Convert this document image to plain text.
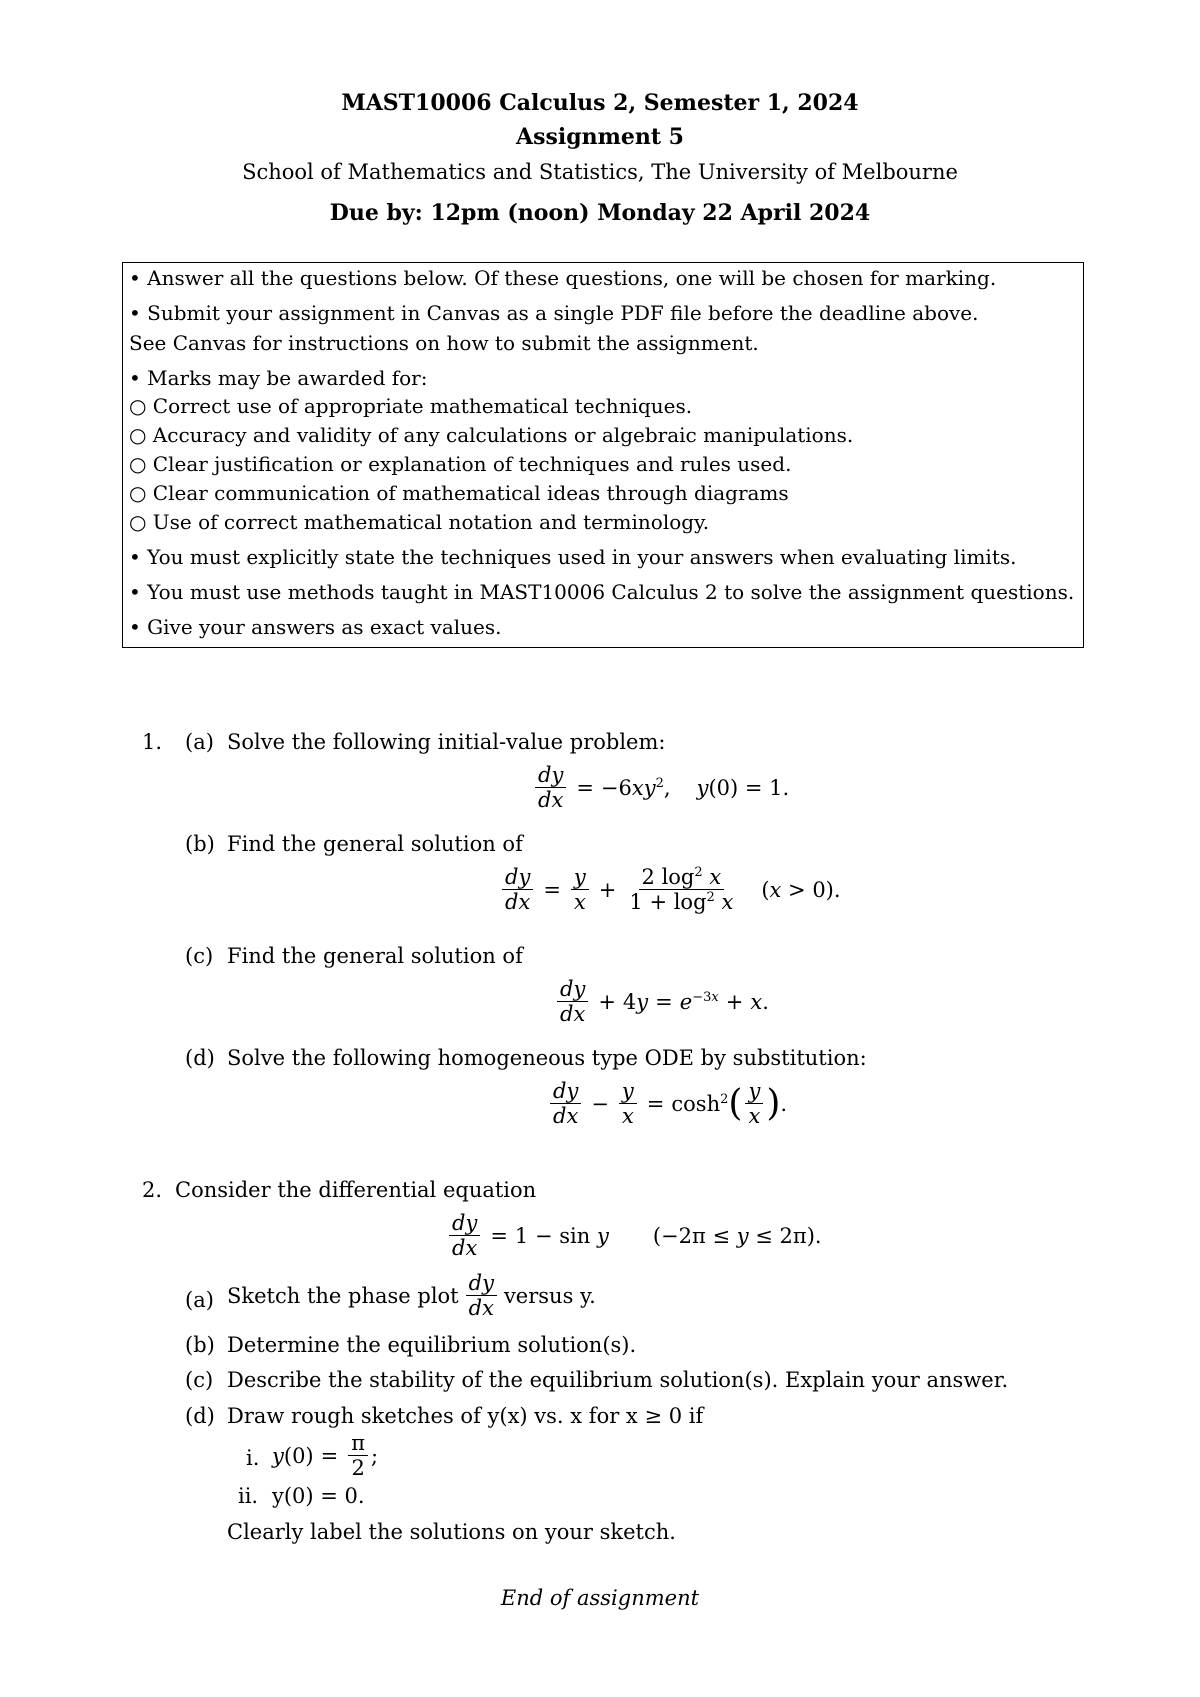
MAST10006 Calculus 2, Semester 1, 2024
Assignment 5
School of Mathematics and Statistics, The University of Melbourne
Due by: 12pm (noon) Monday 22 April 2024
• Answer all the questions below. Of these questions, one will be chosen for marking.
• Submit your assignment in Canvas as a single PDF file before the deadline above.
See Canvas for instructions on how to submit the assignment.
• Marks may be awarded for:
○ Correct use of appropriate mathematical techniques.
○ Accuracy and validity of any calculations or algebraic manipulations.
○ Clear justification or explanation of techniques and rules used.
○ Clear communication of mathematical ideas through diagrams
○ Use of correct mathematical notation and terminology.
• You must explicitly state the techniques used in your answers when evaluating limits.
• You must use methods taught in MAST10006 Calculus 2 to solve the assignment questions.
• Give your answers as exact values.
1. (a) Solve the following initial-value problem:
$\frac{dy}{dx} = -6xy^2$, y(0) = 1.
(b) Find the general solution of
$\frac{dy}{dx} = \frac{y}{x} + \frac{2 \log^2 x}{1 + \log^2 x} (x > 0)$.
(c) Find the general solution of
$\frac{dy}{dx} + 4y = e^{-3x} + x$.
(d) Solve the following homogeneous type ODE by substitution:
$\frac{dy}{dx} - \frac{y}{x} = \cosh^2$ ( $\frac{y}{x}$ ) .
2. Consider the differential equation
$\frac{dy}{dx} = 1 - \sin y$ (−2π ≤ y ≤ 2π).
(a) Sketch the phase plot $\frac{dy}{dx}$ versus y.
(b) Determine the equilibrium solution(s).
(c) Describe the stability of the equilibrium solution(s). Explain your answer.
(d) Draw rough sketches of y(x) vs. x for x ≥ 0 if
i. $y(0) = \frac{\pi}{2}$ ;
ii. y(0) = 0.
Clearly label the solutions on your sketch.
End of assignment
